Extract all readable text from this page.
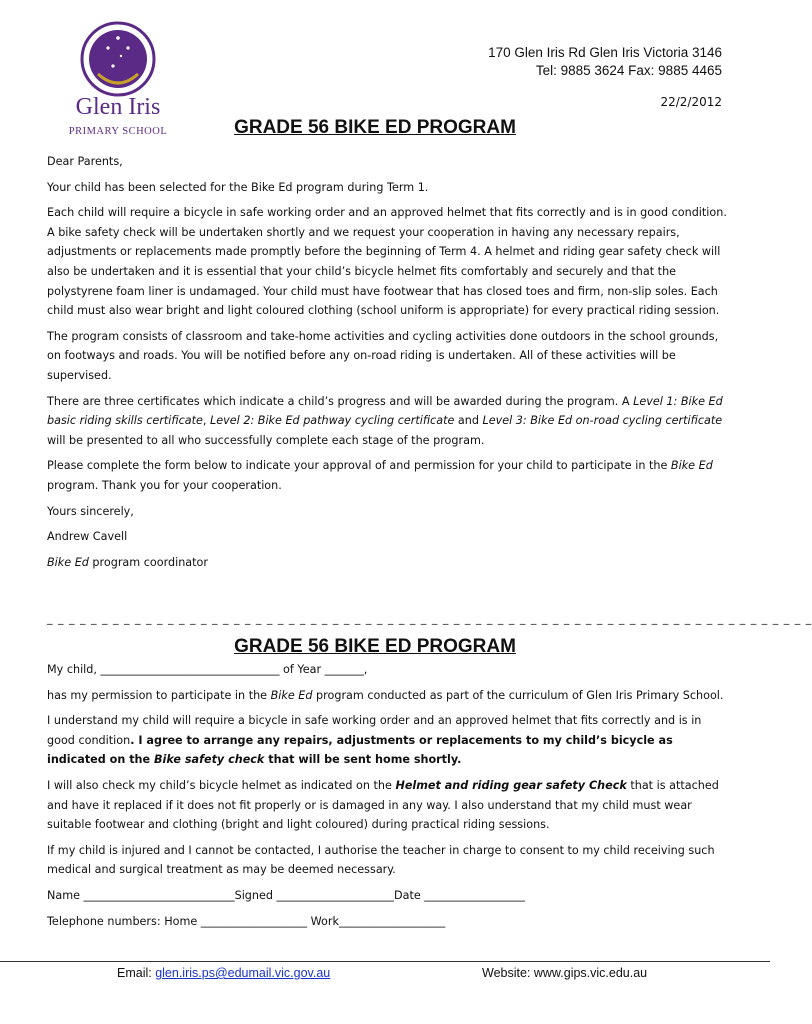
Glen Iris
PRIMARY SCHOOL
170 Glen Iris Rd Glen Iris Victoria 3146
Tel: 9885 3624 Fax: 9885 4465
22/2/2012
GRADE 56 BIKE ED PROGRAM

Dear Parents,

Your child has been selected for the Bike Ed program during Term 1.

Each child will require a bicycle in safe working order and an approved helmet that fits correctly and is in good condition. A bike safety check will be undertaken shortly and we request your cooperation in having any necessary repairs, adjustments or replacements made promptly before the beginning of Term 4. A helmet and riding gear safety check will also be undertaken and it is essential that your child’s bicycle helmet fits comfortably and securely and that the polystyrene foam liner is undamaged. Your child must have footwear that has closed toes and firm, non-slip soles. Each child must also wear bright and light coloured clothing (school uniform is appropriate) for every practical riding session.

The program consists of classroom and take-home activities and cycling activities done outdoors in the school grounds, on footways and roads. You will be notified before any on-road riding is undertaken. All of these activities will be supervised.

There are three certificates which indicate a child’s progress and will be awarded during the program. A Level 1: Bike Ed basic riding skills certificate, Level 2: Bike Ed pathway cycling certificate and Level 3: Bike Ed on-road cycling certificate will be presented to all who successfully complete each stage of the program.

Please complete the form below to indicate your approval of and permission for your child to participate in the Bike Ed program. Thank you for your cooperation.

Yours sincerely,

Andrew Cavell

Bike Ed program coordinator

_ _ _ _ _ _ _ _ _ _ _ _ _ _ _ _ _ _ _ _ _ _ _ _ _ _ _ _ _ _ _ _ _ _ _ _ _ _ _ _ _ _ _ _ _ _ _ _ _ _ _ _ _ _ _ _ _ _ _ _ _ _ _ _ _ _ _ _ _ _
GRADE 56 BIKE ED PROGRAM

My child, ________________________________ of Year _______,

has my permission to participate in the Bike Ed program conducted as part of the curriculum of Glen Iris Primary School.

I understand my child will require a bicycle in safe working order and an approved helmet that fits correctly and is in good condition. I agree to arrange any repairs, adjustments or replacements to my child’s bicycle as indicated on the Bike safety check that will be sent home shortly.

I will also check my child’s bicycle helmet as indicated on the Helmet and riding gear safety Check that is attached and have it replaced if it does not fit properly or is damaged in any way. I also understand that my child must wear suitable footwear and clothing (bright and light coloured) during practical riding sessions.

If my child is injured and I cannot be contacted, I authorise the teacher in charge to consent to my child receiving such medical and surgical treatment as may be deemed necessary.

Name ___________________________Signed _____________________Date __________________

Telephone numbers: Home ___________________ Work___________________

Email: glen.iris.ps@edumail.vic.gov.au	Website: www.gips.vic.edu.au
